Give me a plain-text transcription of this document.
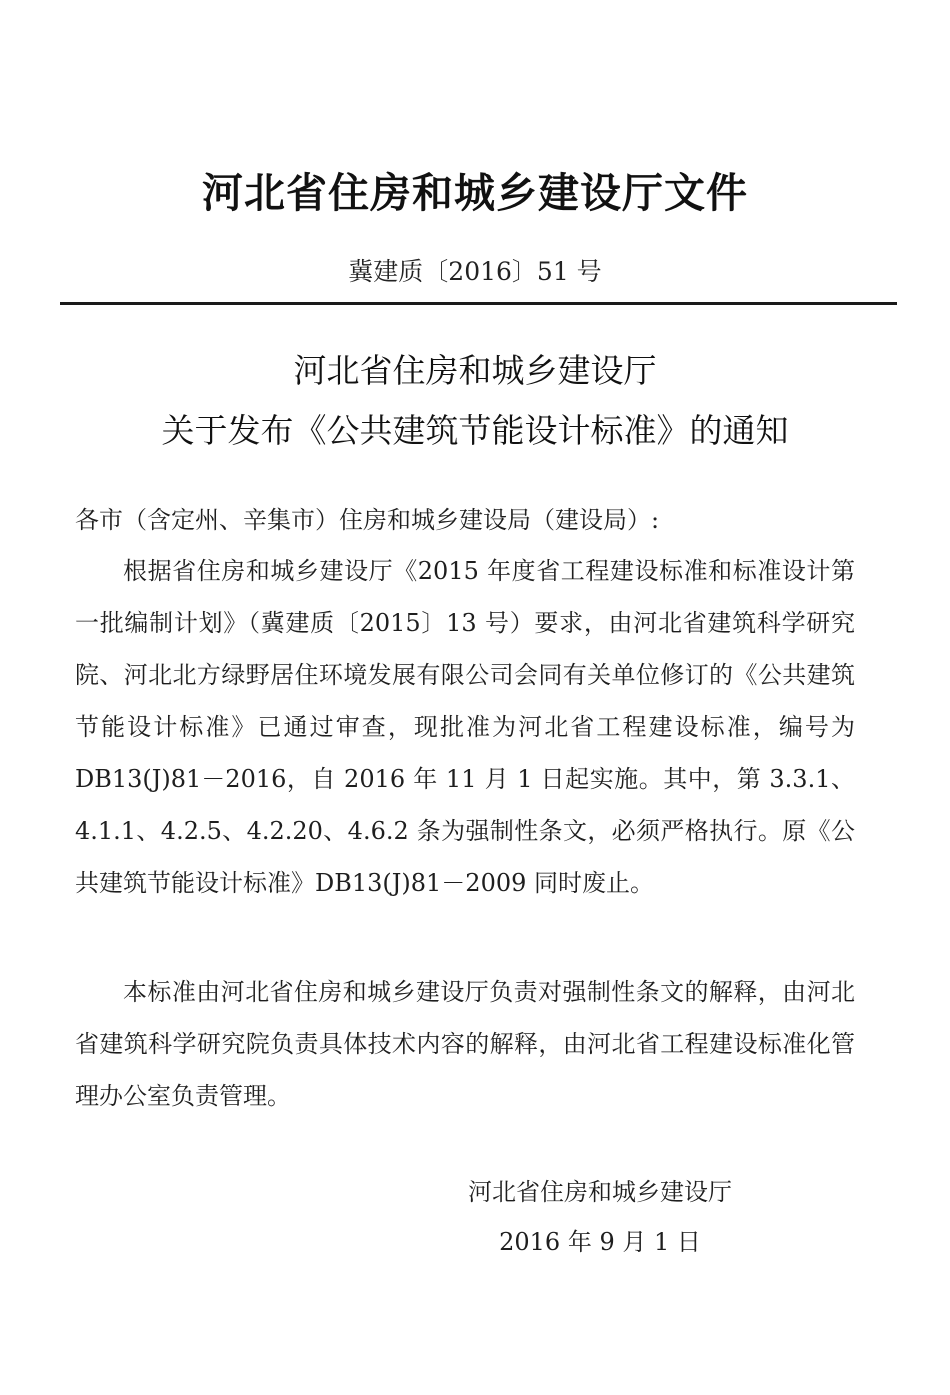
河北省住房和城乡建设厅文件
冀建质〔2016〕51 号
河北省住房和城乡建设厅
关于发布《公共建筑节能设计标准》的通知
各市（含定州、辛集市）住房和城乡建设局（建设局）:

根据省住房和城乡建设厅《2015 年度省工程建设标准和标准设计第一批编制计划》（冀建质〔2015〕13 号）要求，由河北省建筑科学研究院、河北北方绿野居住环境发展有限公司会同有关单位修订的《公共建筑节能设计标准》已通过审查，现批准为河北省工程建设标准，编号为 DB13(J)81－2016，自 2016 年 11 月 1 日起实施。其中，第 3.3.1、4.1.1、4.2.5、4.2.20、4.6.2 条为强制性条文，必须严格执行。原《公共建筑节能设计标准》DB13(J)81－2009 同时废止。

本标准由河北省住房和城乡建设厅负责对强制性条文的解释，由河北省建筑科学研究院负责具体技术内容的解释，由河北省工程建设标准化管理办公室负责管理。

河北省住房和城乡建设厅
2016 年 9 月 1 日
